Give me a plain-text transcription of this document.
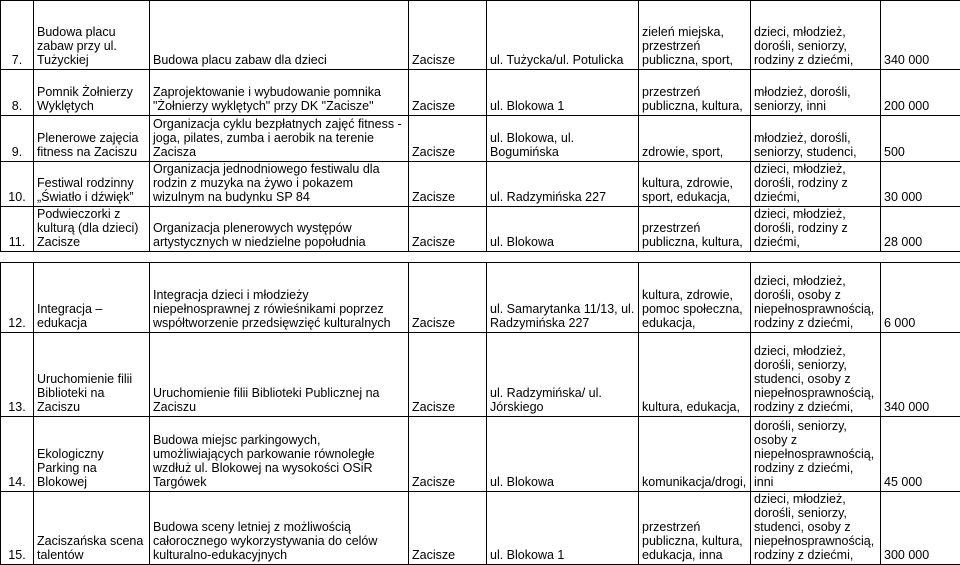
7.	Budowa placu
zabaw przy ul.
Tużyckiej	Budowa placu zabaw dla dzieci	Zacisze	ul. Tużycka/ul. Potulicka	zieleń miejska,
przestrzeń
publiczna, sport,	dzieci, młodzież,
dorośli, seniorzy,
rodziny z dziećmi,	340 000
8.	Pomnik Żołnierzy
Wyklętych	Zaprojektowanie i wybudowanie pomnika
"Żołnierzy wyklętych" przy DK "Zacisze"	Zacisze	ul. Blokowa 1	przestrzeń
publiczna, kultura,	młodzież, dorośli,
seniorzy, inni	200 000
9.	Plenerowe zajęcia
fitness na Zaciszu	Organizacja cyklu bezpłatnych zajęć fitness -
joga, pilates, zumba i aerobik na terenie
Zacisza	Zacisze	ul. Blokowa, ul.
Bogumińska	zdrowie, sport,	młodzież, dorośli,
seniorzy, studenci,	500
10.	Festiwal rodzinny
„Światło i dźwięk”	Organizacja jednodniowego festiwalu dla
rodzin z muzyka na żywo i pokazem
wizulnym na budynku SP 84	Zacisze	ul. Radzymińska 227	kultura, zdrowie,
sport, edukacja,	dzieci, młodzież,
dorośli, rodziny z
dziećmi,	30 000
11.	Podwieczorki z
kulturą (dla dzieci)
Zacisze	Organizacja plenerowych występów
artystycznych w niedzielne popołudnia	Zacisze	ul. Blokowa	przestrzeń
publiczna, kultura,	dzieci, młodzież,
dorośli, rodziny z
dziećmi,	28 000

12.	Integracja –
edukacja	Integracja dzieci i młodzieży
niepełnosprawnej z rówieśnikami poprzez
współtworzenie przedsięwzięć kulturalnych	Zacisze	ul. Samarytanka 11/13, ul.
Radzymińska 227	kultura, zdrowie,
pomoc społeczna,
edukacja,	dzieci, młodzież,
dorośli, osoby z
niepełnosprawnością,
rodziny z dziećmi,	6 000
13.	Uruchomienie filii
Biblioteki na
Zaciszu	Uruchomienie filii Biblioteki Publicznej na
Zaciszu	Zacisze	ul. Radzymińska/ ul.
Jórskiego	kultura, edukacja,	dzieci, młodzież,
dorośli, seniorzy,
studenci, osoby z
niepełnosprawnością,
rodziny z dziećmi,	340 000
14.	Ekologiczny
Parking na
Blokowej	Budowa miejsc parkingowych,
umożliwiających parkowanie równoległe
wzdłuż ul. Blokowej na wysokości OSiR
Targówek	Zacisze	ul. Blokowa	komunikacja/drogi,	dorośli, seniorzy,
osoby z
niepełnosprawnością,
rodziny z dziećmi,
inni	45 000
15.	Zaciszańska scena
talentów	Budowa sceny letniej z możliwością
całorocznego wykorzystywania do celów
kulturalno-edukacyjnych	Zacisze	ul. Blokowa 1	przestrzeń
publiczna, kultura,
edukacja, inna	dzieci, młodzież,
dorośli, seniorzy,
studenci, osoby z
niepełnosprawnością,
rodziny z dziećmi,	300 000
